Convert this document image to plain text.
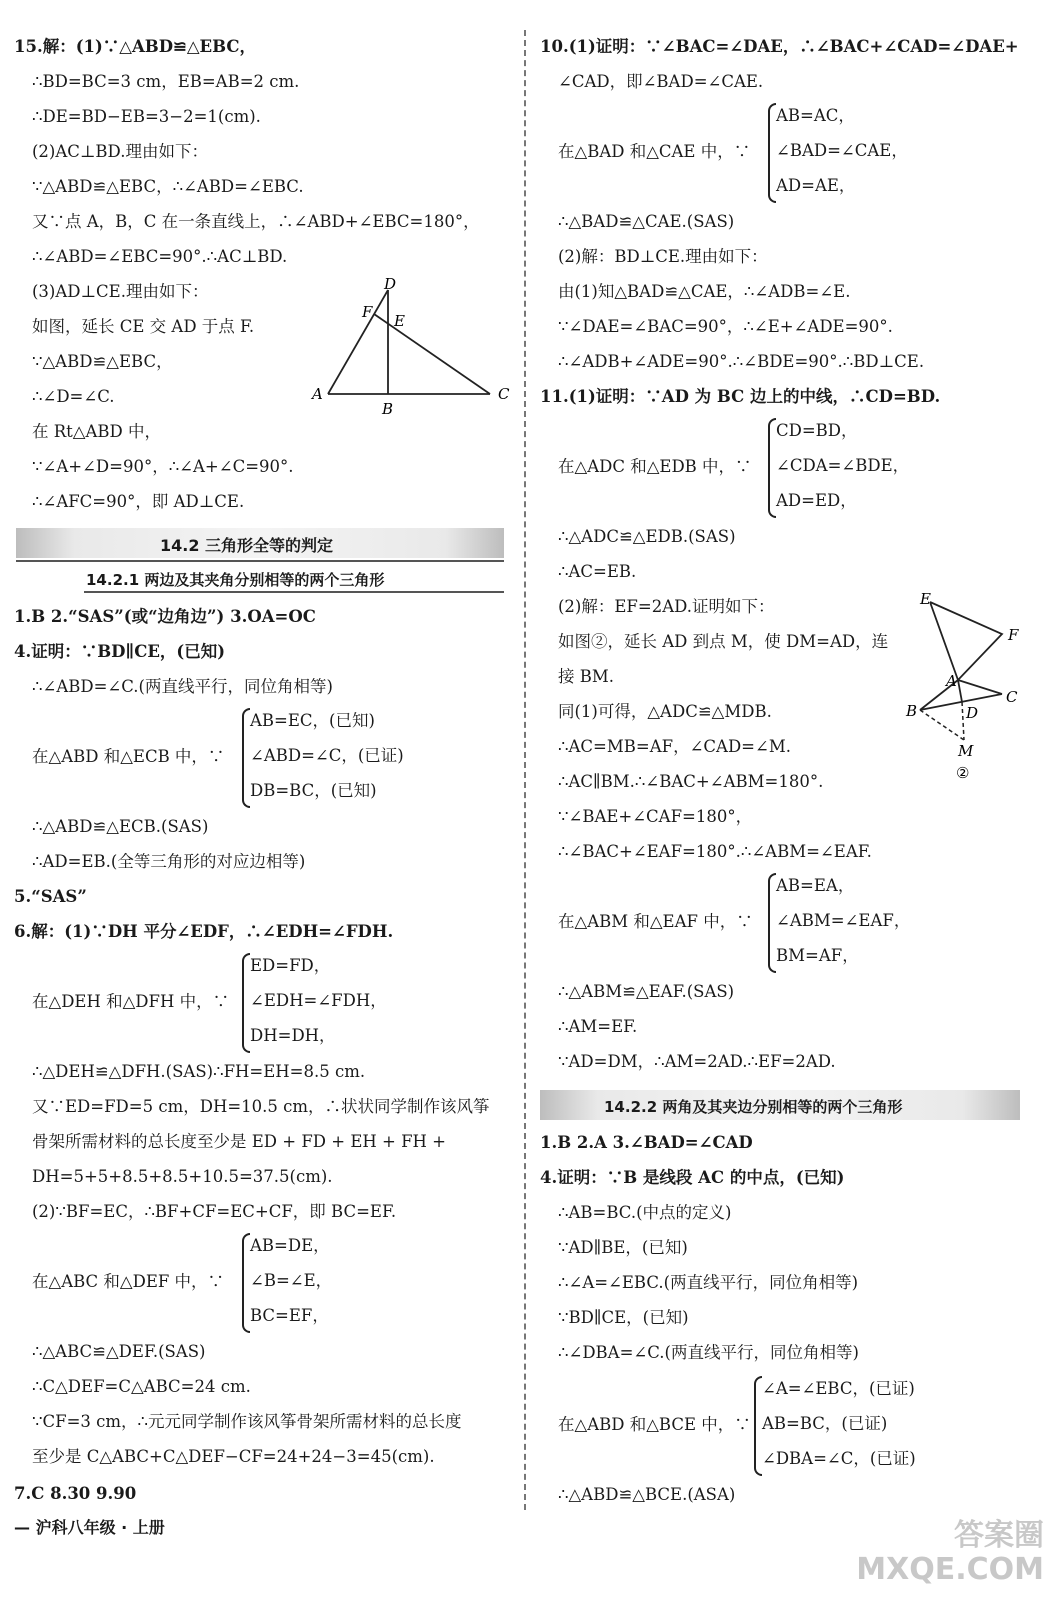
15.解：(1)∵△ABD≌△EBC，
∴BD=BC=3 cm，EB=AB=2 cm.
∴DE=BD−EB=3−2=1(cm).
(2)AC⊥BD.理由如下：
∵△ABD≌△EBC，∴∠ABD=∠EBC.
又∵点 A，B，C 在一条直线上，∴∠ABD+∠EBC=180°，
∴∠ABD=∠EBC=90°.∴AC⊥BD.
(3)AD⊥CE.理由如下：
如图，延长 CE 交 AD 于点 F.
∵△ABD≌△EBC，
∴∠D=∠C.
在 Rt△ABD 中，
∵∠A+∠D=90°，∴∠A+∠C=90°.
∴∠AFC=90°，即 AD⊥CE.
D
F E
A
B
C
14.2 三角形全等的判定
14.2.1 两边及其夹角分别相等的两个三角形
1.B 2.“SAS”(或“边角边”) 3.OA=OC
4.证明：∵BD∥CE，(已知)
∴∠ABD=∠C.(两直线平行，同位角相等)
在△ABD 和△ECB 中，∵
AB=EC，(已知)
∠ABD=∠C，(已证)
DB=BC，(已知)
∴△ABD≌△ECB.(SAS)
∴AD=EB.(全等三角形的对应边相等)
5.“SAS”
6.解：(1)∵DH 平分∠EDF，∴∠EDH=∠FDH.
在△DEH 和△DFH 中，∵
ED=FD，
∠EDH=∠FDH，
DH=DH，
∴△DEH≌△DFH.(SAS)∴FH=EH=8.5 cm.
又∵ED=FD=5 cm，DH=10.5 cm，∴状状同学制作该风筝
骨架所需材料的总长度至少是 ED + FD + EH + FH +
DH=5+5+8.5+8.5+10.5=37.5(cm).
(2)∵BF=EC，∴BF+CF=EC+CF，即 BC=EF.
在△ABC 和△DEF 中，∵
AB=DE，
∠B=∠E，
BC=EF，
∴△ABC≌△DEF.(SAS)
∴C△DEF=C△ABC=24 cm.
∵CF=3 cm，∴元元同学制作该风筝骨架所需材料的总长度
至少是 C△ABC+C△DEF−CF=24+24−3=45(cm).
7.C 8.30 9.90
10.(1)证明：∵∠BAC=∠DAE，∴∠BAC+∠CAD=∠DAE+
∠CAD，即∠BAD=∠CAE.
在△BAD 和△CAE 中，∵
AB=AC，
∠BAD=∠CAE，
AD=AE，
∴△BAD≌△CAE.(SAS)
(2)解：BD⊥CE.理由如下：
由(1)知△BAD≌△CAE，∴∠ADB=∠E.
∵∠DAE=∠BAC=90°，∴∠E+∠ADE=90°.
∴∠ADB+∠ADE=90°.∴∠BDE=90°.∴BD⊥CE.
11.(1)证明：∵AD 为 BC 边上的中线，∴CD=BD.
在△ADC 和△EDB 中，∵
CD=BD，
∠CDA=∠BDE，
AD=ED，
∴△ADC≌△EDB.(SAS)
∴AC=EB.
(2)解：EF=2AD.证明如下：
如图②，延长 AD 到点 M，使 DM=AD，连
接 BM.
同(1)可得，△ADC≌△MDB.
∴AC=MB=AF，∠CAD=∠M.
∴AC∥BM.∴∠BAC+∠ABM=180°.
∵∠BAE+∠CAF=180°，
∴∠BAC+∠EAF=180°.∴∠ABM=∠EAF.
E
F
A
B
C
D
M
②
在△ABM 和△EAF 中，∵
AB=EA，
∠ABM=∠EAF，
BM=AF，
∴△ABM≌△EAF.(SAS)
∴AM=EF.
∵AD=DM，∴AM=2AD.∴EF=2AD.
14.2.2 两角及其夹边分别相等的两个三角形
1.B 2.A 3.∠BAD=∠CAD
4.证明：∵B 是线段 AC 的中点，(已知)
∴AB=BC.(中点的定义)
∵AD∥BE，(已知)
∴∠A=∠EBC.(两直线平行，同位角相等)
∵BD∥CE，(已知)
∴∠DBA=∠C.(两直线平行，同位角相等)
在△ABD 和△BCE 中，∵
∠A=∠EBC，(已证)
AB=BC，(已证)
∠DBA=∠C，(已证)
∴△ABD≌△BCE.(ASA)
— 沪科八年级 · 上册	答案圈
MXQE.COM
